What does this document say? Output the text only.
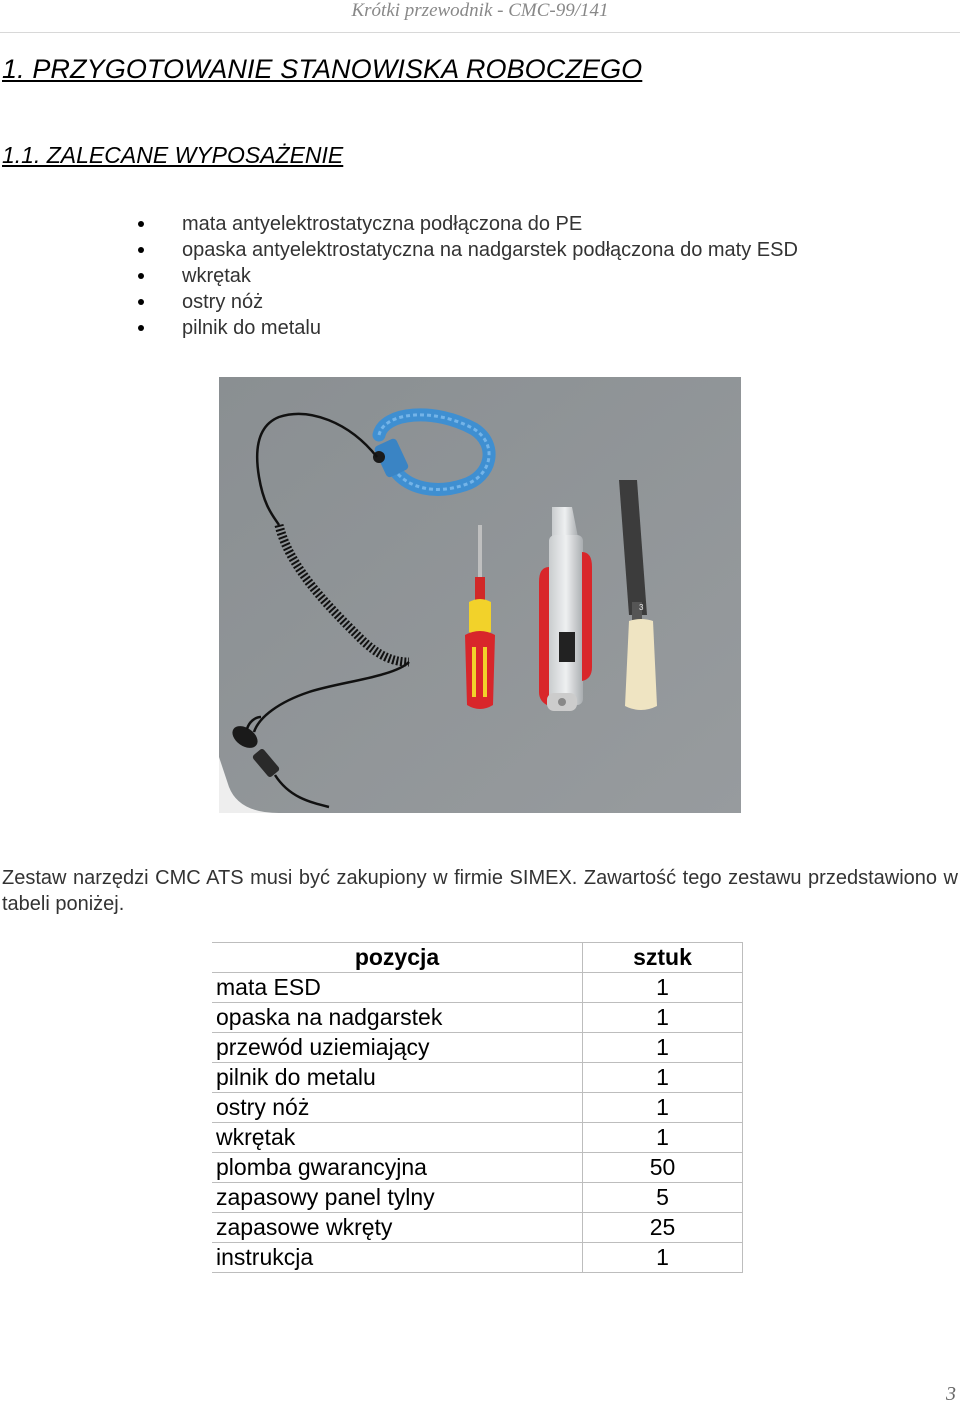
Krótki przewodnik - CMC-99/141
1. PRZYGOTOWANIE STANOWISKA ROBOCZEGO
1.1. ZALECANE WYPOSAŻENIE
mata antyelektrostatyczna podłączona do PE
opaska antyelektrostatyczna na nadgarstek podłączona do maty ESD
wkrętak
ostry nóż
pilnik do metalu
3
Zestaw narzędzi CMC ATS musi być zakupiony w firmie SIMEX. Zawartość tego zestawu przedstawiono w tabeli poniżej.
pozycja	sztuk
mata ESD	1
opaska na nadgarstek	1
przewód uziemiający	1
pilnik do metalu	1
ostry nóż	1
wkrętak	1
plomba gwarancyjna	50
zapasowy panel tylny	5
zapasowe wkręty	25
instrukcja	1
3
